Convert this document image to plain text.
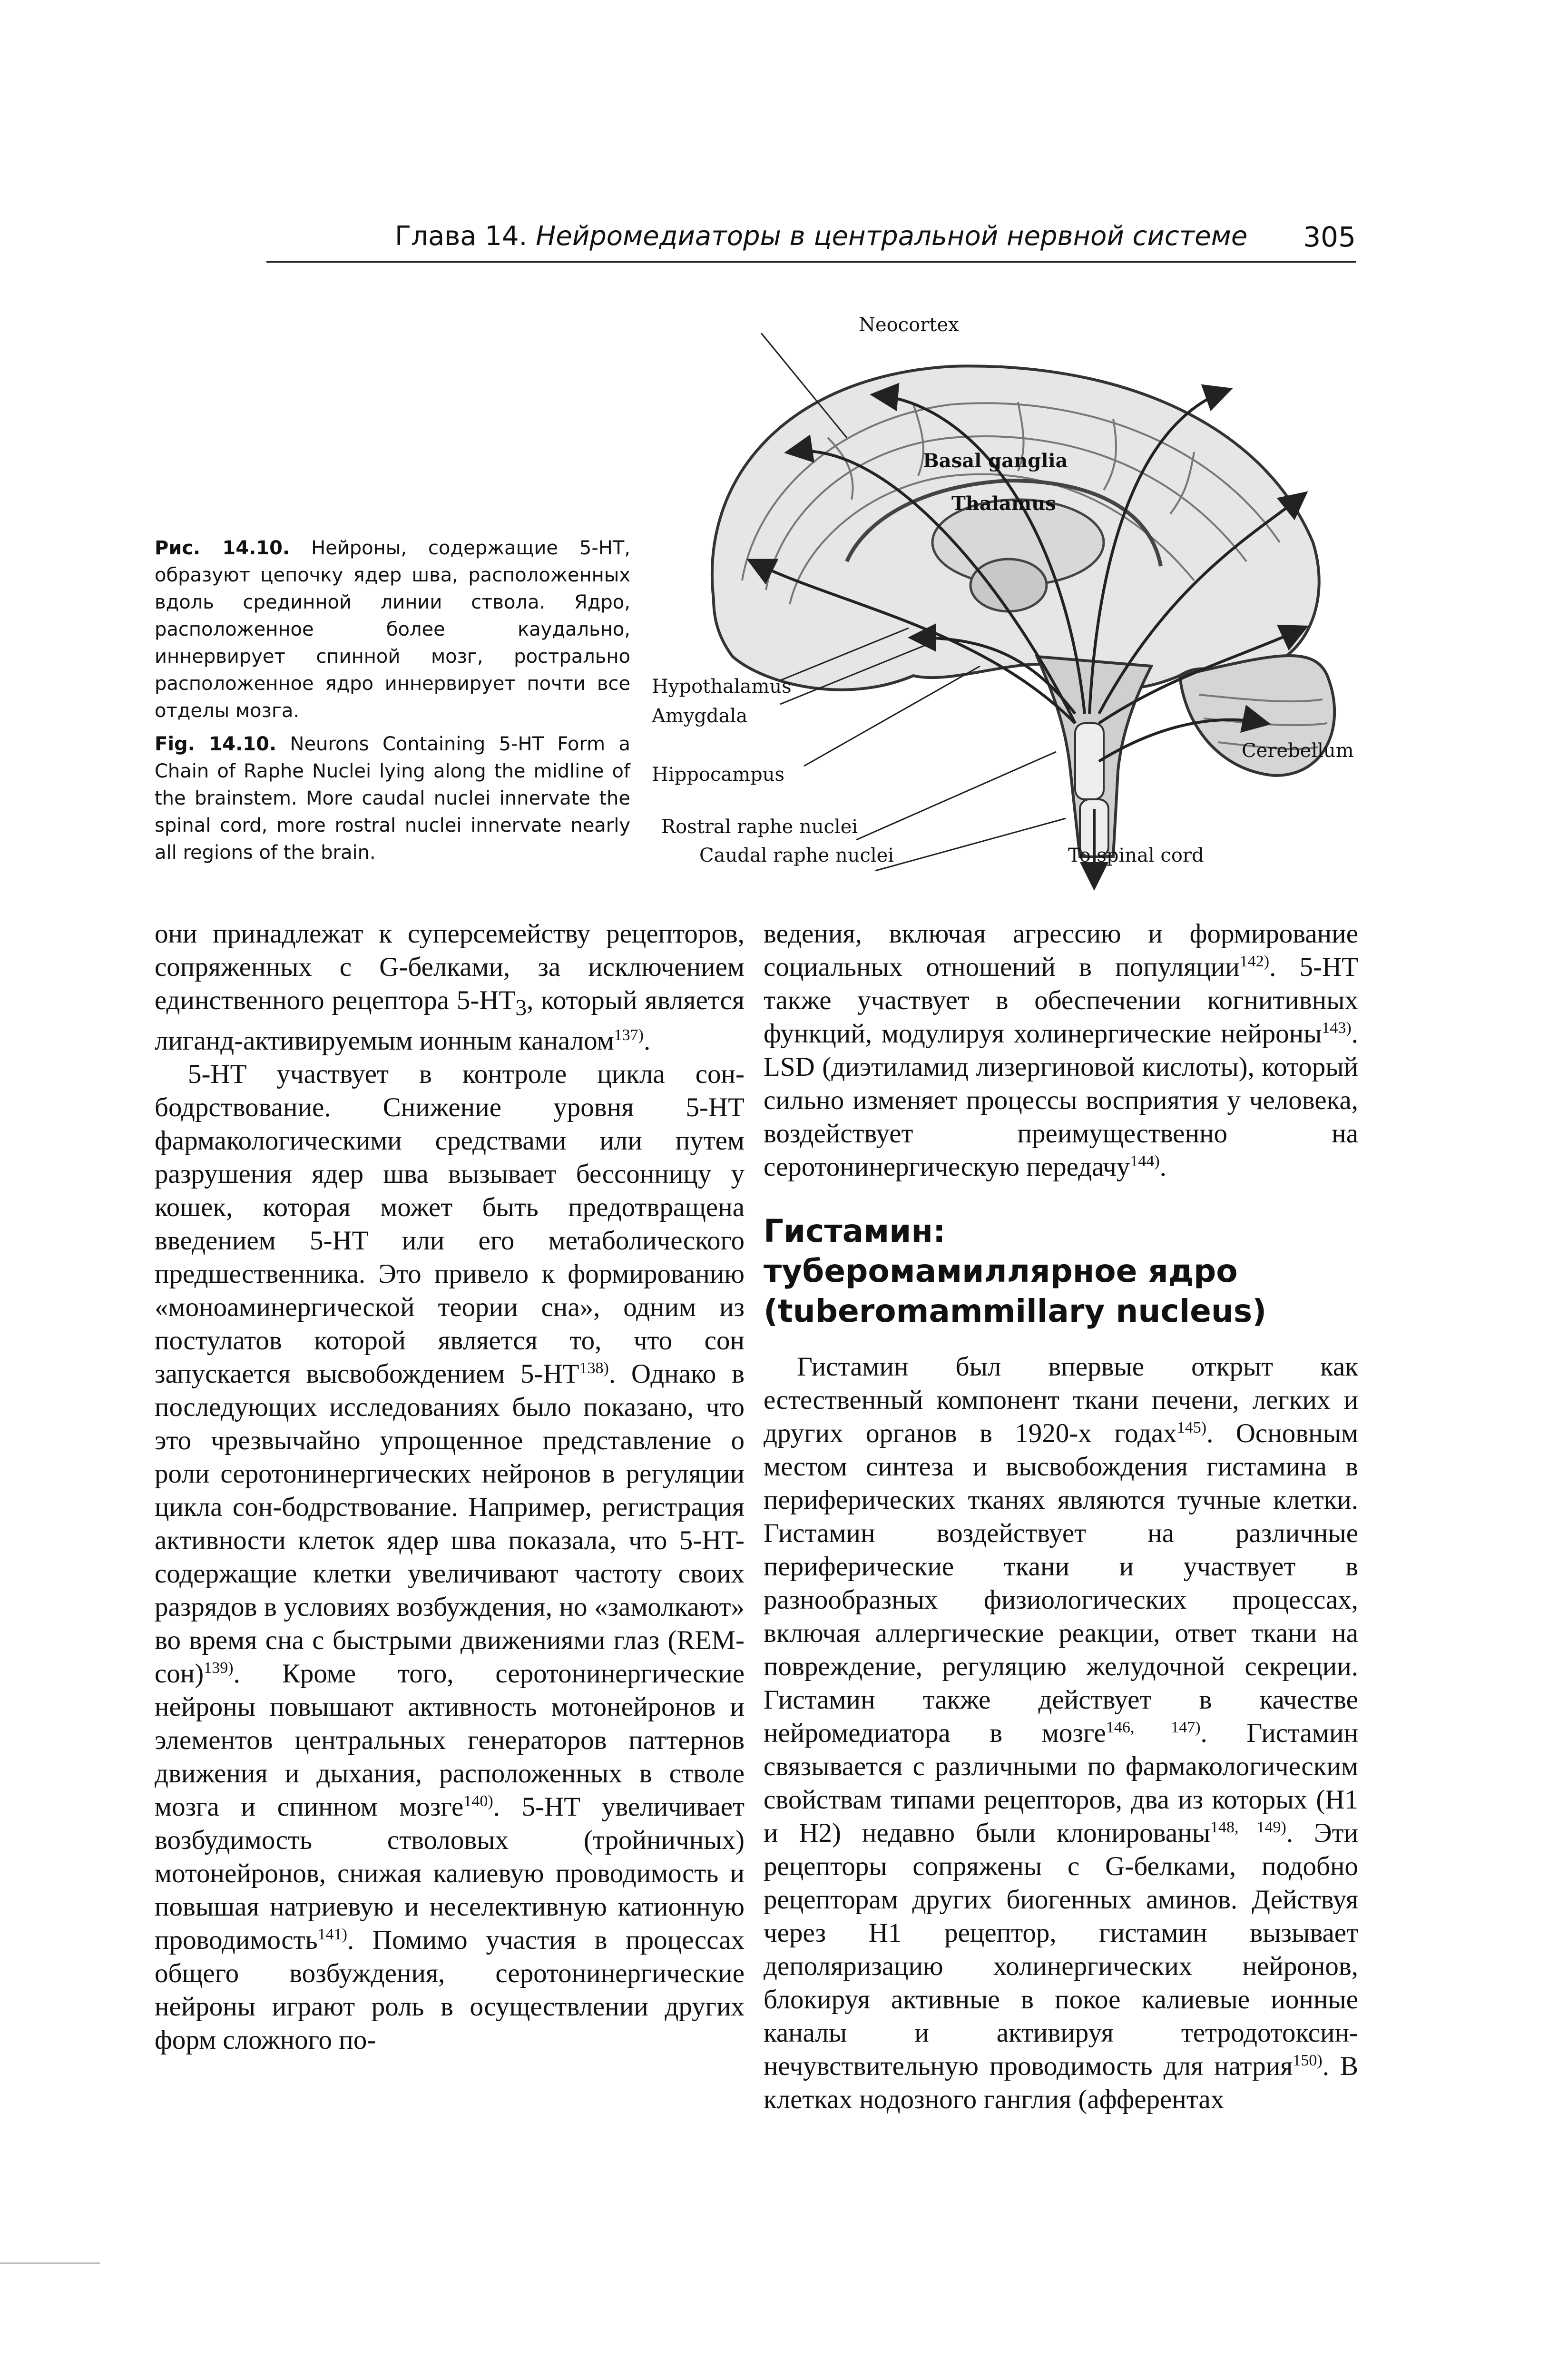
Глава 14. Нейромедиаторы в центральной нервной системе 305
Рис. 14.10. Нейроны, содержащие 5-HT, образуют цепочку ядер шва, расположенных вдоль срединной линии ствола. Ядро, расположенное более каудально, иннервирует спинной мозг, рострально расположенное ядро иннервирует почти все отделы мозга.
Fig. 14.10. Neurons Containing 5-HT Form a Chain of Raphe Nuclei lying along the midline of the brainstem. More caudal nuclei innervate the spinal cord, more rostral nuclei innervate nearly all regions of the brain.
Neocortex
Basal ganglia
Thalamus
Hypothalamus
Amygdala
Hippocampus
Rostral raphe nuclei
Caudal raphe nuclei
Cerebellum
To spinal cord

они принадлежат к суперсемейству рецепторов, сопряженных с G-белками, за исключением единственного рецептора $5-HT_3$, который является лиганд-активируемым ионным каналом$^{137)}$.

5-HT участвует в контроле цикла сон-бодрствование. Снижение уровня 5-HT фармакологическими средствами или путем разрушения ядер шва вызывает бессонницу у кошек, которая может быть предотвращена введением 5-HT или его метаболического предшественника. Это привело к формированию «моноаминергической теории сна», одним из постулатов которой является то, что сон запускается высвобождением 5-HT$^{138)}$. Однако в последующих исследованиях было показано, что это чрезвычайно упрощенное представление о роли серотонинергических нейронов в регуляции цикла сон-бодрствование. Например, регистрация активности клеток ядер шва показала, что 5-HT-содержащие клетки увеличивают частоту своих разрядов в условиях возбуждения, но «замолкают» во время сна с быстрыми движениями глаз $(REM-сон)^{139)}$. Кроме того, серотонинергические нейроны повышают активность мотонейронов и элементов центральных генераторов паттернов движения и дыхания, расположенных в стволе мозга и спинном мозге$^{140)}$. 5-HT увеличивает возбудимость стволовых (тройничных) мотонейронов, снижая калиевую проводимость и повышая натриевую и неселективную катионную проводимость$^{141)}$. Помимо участия в процессах общего возбуждения, серотонинергические нейроны играют роль в осуществлении других форм сложного по-

ведения, включая агрессию и формирование социальных отношений в популяции$^{142)}$. 5-HT также участвует в обеспечении когнитивных функций, модулируя холинергические нейроны$^{143)}$. LSD (диэтиламид лизергиновой кислоты), который сильно изменяет процессы восприятия у человека, воздействует преимущественно на серотонинергическую передачу$^{144)}$.

Гистамин:
туберомамиллярное ядро
(tuberomammillary nucleus)

Гистамин был впервые открыт как естественный компонент ткани печени, легких и других органов в 1920-х годах$^{145)}$. Основным местом синтеза и высвобождения гистамина в периферических тканях являются тучные клетки. Гистамин воздействует на различные периферические ткани и участвует в разнообразных физиологических процессах, включая аллергические реакции, ответ ткани на повреждение, регуляцию желудочной секреции. Гистамин также действует в качестве нейромедиатора в мозге$^{146, 147)}$. Гистамин связывается с различными по фармакологическим свойствам типами рецепторов, два из которых (H1 и H2) недавно были клонированы$^{148, 149)}$. Эти рецепторы сопряжены с G-белками, подобно рецепторам других биогенных аминов. Действуя через H1 рецептор, гистамин вызывает деполяризацию холинергических нейронов, блокируя активные в покое калиевые ионные каналы и активируя тетродотоксин-нечувствительную проводимость для натрия$^{150)}$. В клетках нодозного ганглия (афферентах
